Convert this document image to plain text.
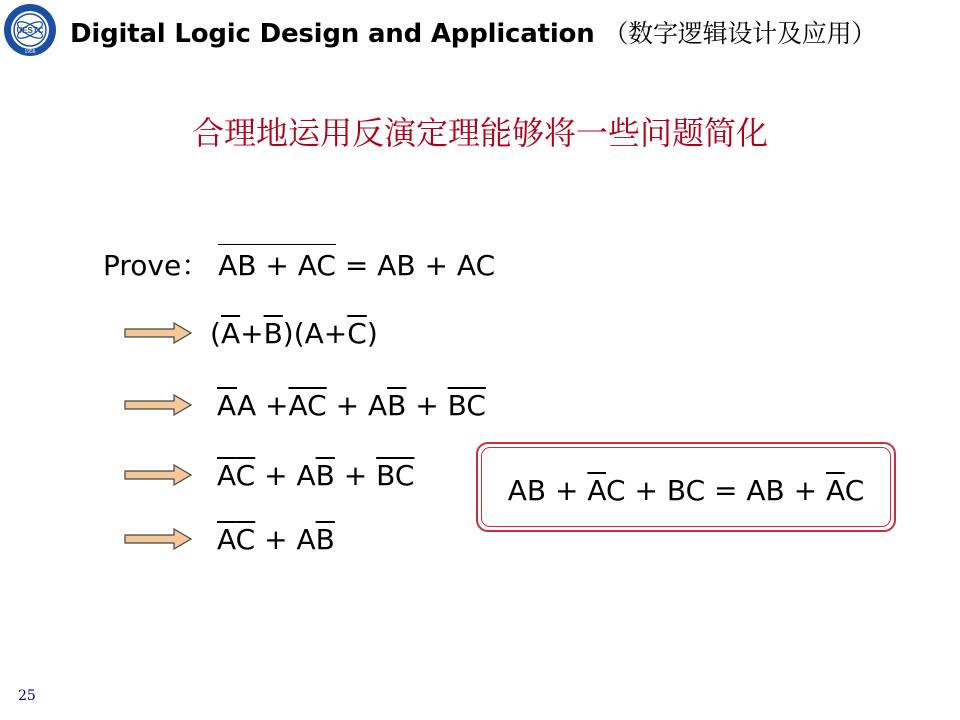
UESTC
1956
Digital Logic Design and Application （数字逻辑设计及应用）
合理地运用反演定理能够将一些问题简化
Prove： AB + AC = AB + AC
$(\overline{A}+\overline{B})(A+\overline{C})$
$\overline{A}A +\overline{A}\overline{C} + A\overline{B} + \overline{B}\overline{C}$
$\overline{A}\overline{C} + A\overline{B} + \overline{B}\overline{C}$
$\overline{A}\overline{C} + A\overline{B}$
AB + $\overline{A}C$ + BC = AB + $\overline{A}C$
25
